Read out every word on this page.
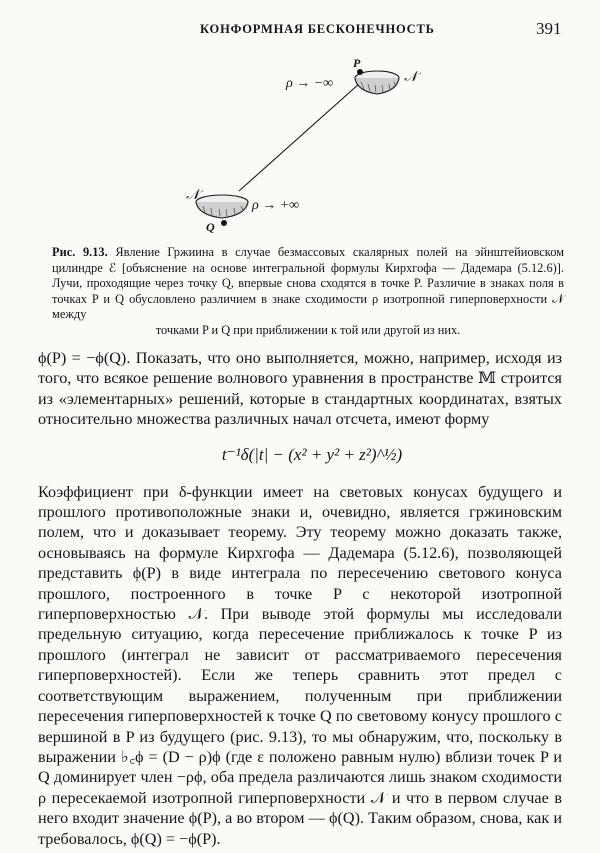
КОНФОРМНАЯ БЕСКОНЕЧНОСТЬ	391
ρ → −∞
P
𝒩
𝒩
ρ → +∞
Q

Рис. 9.13. Явление Гржиина в случае безмассовых скалярных полей на эйнштейиовском цилиндре ℰ [объяснение на основе интегральной формулы Кирхгофа — Дадемара (5.12.6)]. Лучи, проходящие через точку Q, впервые снова сходятся в точке P. Различие в знаках поля в точках P и Q обусловлено различием в знаке сходимости ρ изотропной гиперповерхности 𝒩 между

точками P и Q при приближении к той или другой из них.

ϕ(P) = −ϕ(Q). Показать, что оно выполняется, можно, например, исходя из того, что всякое решение волнового уравнения в пространстве 𝕄 строится из «элементарных» решений, которые в стандартных координатах, взятых относительно множества различных начал отсчета, имеют форму

t⁻¹δ(|t| − (x² + y² + z²)^½)

Коэффициент при δ-функции имеет на световых конусах будущего и прошлого противоположные знаки и, очевидно, является гржиновским полем, что и доказывает теорему. Эту теорему можно доказать также, основываясь на формуле Кирхгофа — Дадемара (5.12.6), позволяющей представить ϕ(P) в виде интеграла по пересечению светового конуса прошлого, построенного в точке P с некоторой изотропной гиперповерхностью 𝒩. При выводе этой формулы мы исследовали предельную ситуацию, когда пересечение приближалось к точке P из прошлого (интеграл не зависит от рассматриваемого пересечения гиперповерхностей). Если же теперь сравнить этот предел с соответствующим выражением, полученным при приближении пересечения гиперповерхностей к точке Q по световому конусу прошлого с вершиной в P из будущего (рис. 9.13), то мы обнаружим, что, поскольку в выражении ♭꜀ϕ = (D − ρ)ϕ (где ε положено равным нулю) вблизи точек P и Q доминирует член −ρϕ, оба предела различаются лишь знаком сходимости ρ пересекаемой изотропной гиперповерхности 𝒩 и что в первом случае в него входит значение ϕ(P), а во втором — ϕ(Q). Таким образом, снова, как и требовалось, ϕ(Q) = −ϕ(P).
